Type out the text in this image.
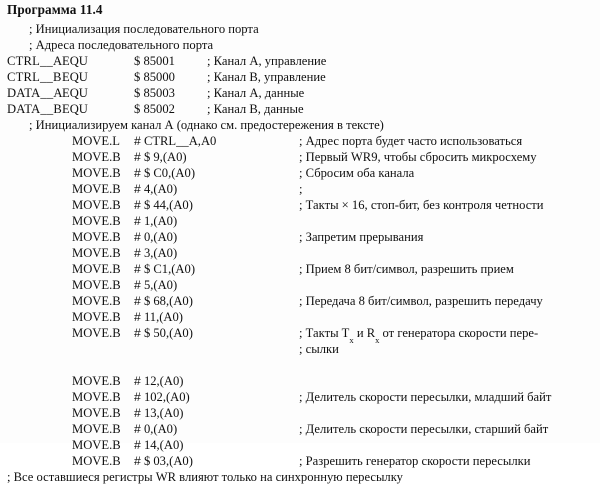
Программа 11.4
; Инициализация последовательного порта
; Адреса последовательного порта
CTRL__A EQU	$ 85001	; Канал А, управление
CTRL__B EQU	$ 85000	; Канал В, управление
DATA__A EQU	$ 85003	; Канал А, данные
DATA__B EQU	$ 85002	; Канал В, данные
; Инициализируем канал А (однако см. предостережения в тексте)
MOVE.L # CTRL__A,A0	; Адрес порта будет часто использоваться
MOVE.B # $ 9,(A0)	; Первый WR9, чтобы сбросить микросхему
MOVE.B # $ C0,(A0)	; Сбросим оба канала
MOVE.B # 4,(A0)	;
MOVE.B # $ 44,(A0)	; Такты × 16, стоп-бит, без контроля четности
MOVE.B # 1,(A0)
MOVE.B # 0,(A0)	; Запретим прерывания
MOVE.B # 3,(A0)
MOVE.B # $ C1,(A0)	; Прием 8 бит/символ, разрешить прием
MOVE.B # 5,(A0)
MOVE.B # $ 68,(A0)	; Передача 8 бит/символ, разрешить передачу
MOVE.B # 11,(A0)
MOVE.B # $ 50,(A0)	; Такты $T_x$ и $R_x$ от генератора скорости пере-
; сылки
MOVE.B # 12,(A0)
MOVE.B # 102,(A0)	; Делитель скорости пересылки, младший байт
MOVE.B # 13,(A0)
MOVE.B # 0,(A0)	; Делитель скорости пересылки, старший байт
MOVE.B # 14,(A0)
MOVE.B # $ 03,(A0)	; Разрешить генератор скорости пересылки
; Все оставшиеся регистры WR влияют только на синхронную пересылку
